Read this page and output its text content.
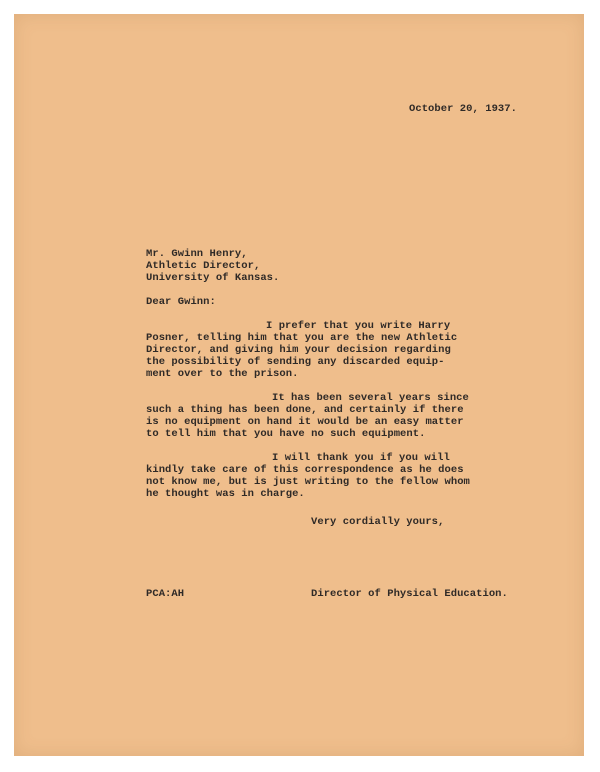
October 20, 1937.
Mr. Gwinn Henry,
Athletic Director,
University of Kansas.
Dear Gwinn:
I prefer that you write Harry
Posner, telling him that you are the new Athletic
Director, and giving him your decision regarding
the possibility of sending any discarded equip-
ment over to the prison.
It has been several years since
such a thing has been done, and certainly if there
is no equipment on hand it would be an easy matter
to tell him that you have no such equipment.
I will thank you if you will
kindly take care of this correspondence as he does
not know me, but is just writing to the fellow whom
he thought was in charge.
Very cordially yours,
PCA:AH	Director of Physical Education.
